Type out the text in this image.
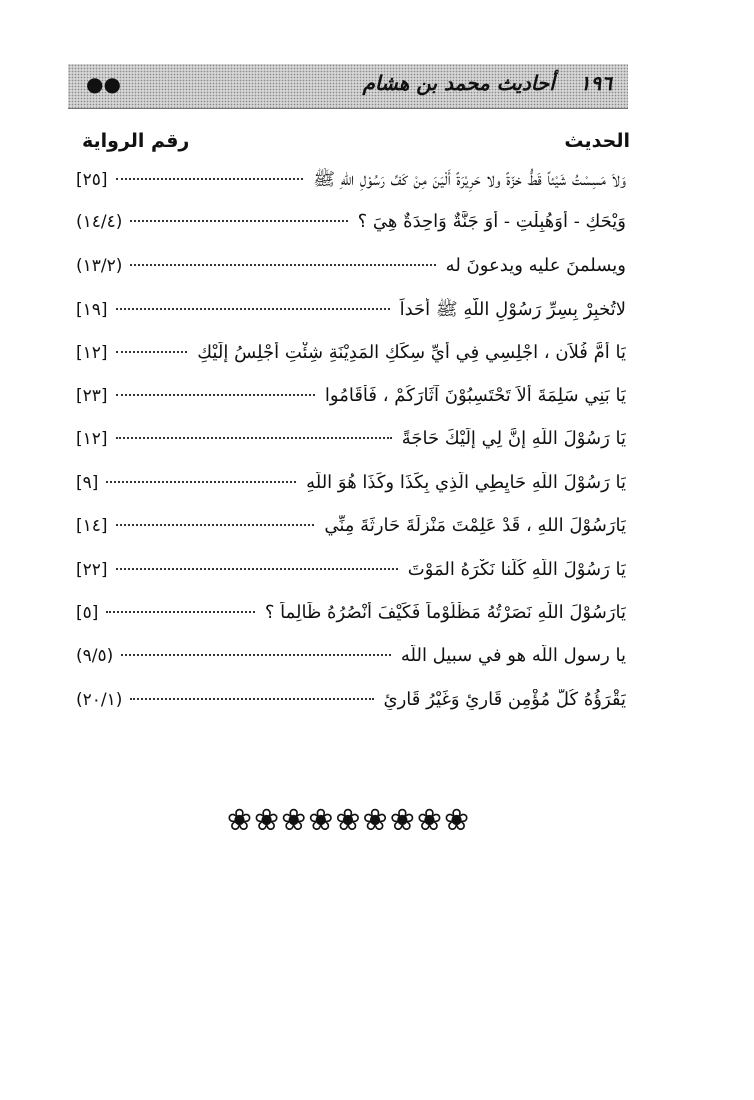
١٩٦ أحاديث محمد بن هشام
●●
الحديث
رقم الرواية
وَلاَ مَسِسْتُ شَيْئاً قَطُّ خزّةً ولا حَرِيْرَةً أَلْيَنَ مِنْ كَفِّ رَسُوْلِ اللهِ ﷺ
[٢٥]
وَيْحَكِ - أَوَهُبِلْتِ - أَوَ جَنَّةٌ وَاحِدَةٌ هِيَ ؟
(١٤/٤)
ويسلمنَ عليه ويدعونَ له
(١٣/٢)
لاتُخبِرْ بِسِرِّ رَسُوْلِ اللّهِ ﷺ أَحَداً
[١٩]
يَا أُمَّ فُلاَن ، اجْلِسِي فِي أَيِّ سِكَكِ المَدِيْنَةِ شِئْتِ أَجْلِسُ إِلَيْكِ
[١٢]
يَا بَنِي سَلِمَةَ أَلاَ تَحْتَسِبُوْنَ آثَارَكُمْ ، فَأَقَامُوا
[٢٣]
يَا رَسُوْلَ اللّهِ إِنَّ لِي إِلَيْكَ حَاجَةً
[١٢]
يَا رَسُوْلَ اللّهِ حَايِطِي الَّذِي بِكَذَا وكَذَا هُوَ اللّهِ
[٩]
يَارَسُوْلَ اللهِ ، قَدْ عَلِمْتَ مَنْزِلَةَ حَارِثَةَ مِنِّي
[١٤]
يَا رَسُوْلَ اللّهِ كُلُّنا نَكْرَهُ المَوْتَ
[٢٢]
يَارَسُوْلَ اللّهِ نَصَرْتُهُ مَظْلُوْماً فَكَيْفَ أَنْصُرُهُ ظَالِماً ؟
[٥]
يا رسول اللّه هو في سبيل اللّه
(٩/٥)
يَقْرَؤُهُ كُلُّ مُؤْمِنٍ قَارِئٍ وَغَيْرُ قَارِئٍ
(٢٠/١)
❀❀❀❀❀❀❀❀❀
